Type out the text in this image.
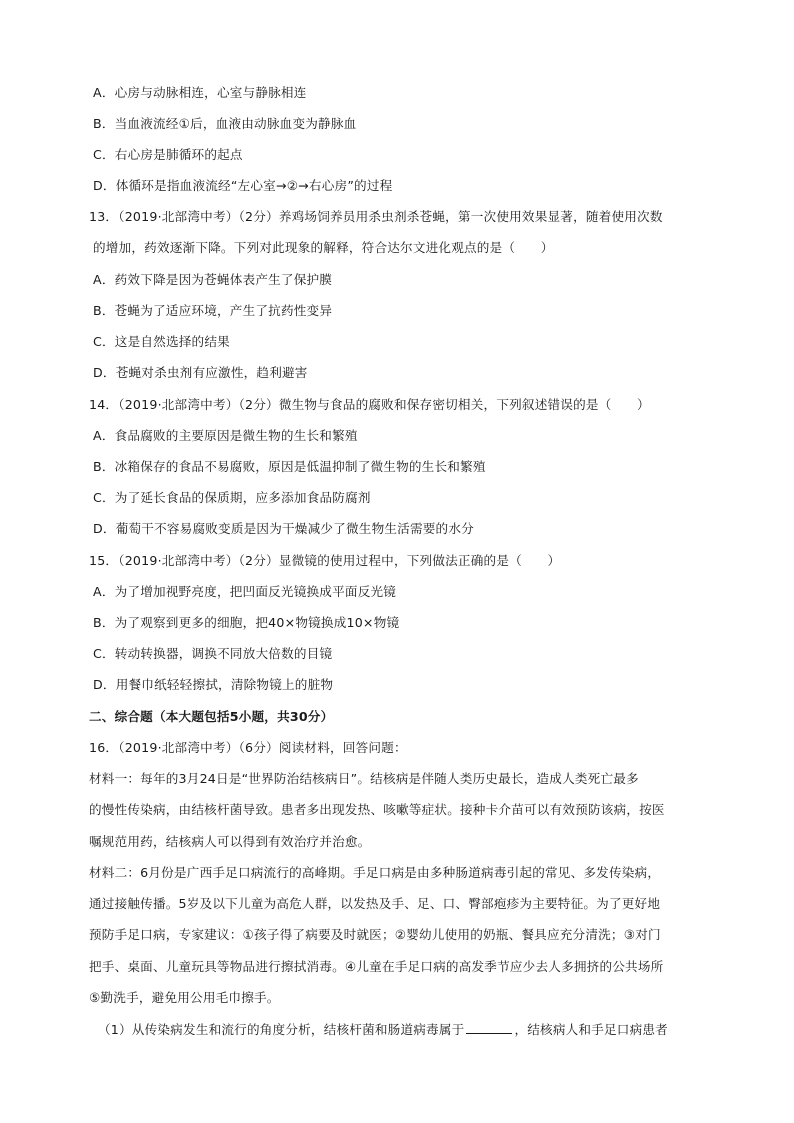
A．心房与动脉相连，心室与静脉相连
B．当血液流经①后，血液由动脉血变为静脉血
C．右心房是肺循环的起点
D．体循环是指血液流经“左心室→②→右心房”的过程
13．（2019·北部湾中考）（2分）养鸡场饲养员用杀虫剂杀苍蝇，第一次使用效果显著，随着使用次数
的增加，药效逐渐下降。下列对此现象的解释，符合达尔文进化观点的是（　　）
A．药效下降是因为苍蝇体表产生了保护膜
B．苍蝇为了适应环境，产生了抗药性变异
C．这是自然选择的结果
D．苍蝇对杀虫剂有应激性，趋利避害
14．（2019·北部湾中考）（2分）微生物与食品的腐败和保存密切相关，下列叙述错误的是（　　）
A．食品腐败的主要原因是微生物的生长和繁殖
B．冰箱保存的食品不易腐败，原因是低温抑制了微生物的生长和繁殖
C．为了延长食品的保质期，应多添加食品防腐剂
D．葡萄干不容易腐败变质是因为干燥减少了微生物生活需要的水分
15．（2019·北部湾中考）（2分）显微镜的使用过程中，下列做法正确的是（　　）
A．为了增加视野亮度，把凹面反光镜换成平面反光镜
B．为了观察到更多的细胞，把40×物镜换成10×物镜
C．转动转换器，调换不同放大倍数的目镜
D．用餐巾纸轻轻擦拭，清除物镜上的脏物
二、综合题（本大题包括5小题，共30分）
16．（2019·北部湾中考）（6分）阅读材料，回答问题：
材料一：每年的3月24日是“世界防治结核病日”。结核病是伴随人类历史最长，造成人类死亡最多
的慢性传染病，由结核杆菌导致。患者多出现发热、咳嗽等症状。接种卡介苗可以有效预防该病，按医
嘱规范用药，结核病人可以得到有效治疗并治愈。
材料二：6月份是广西手足口病流行的高峰期。手足口病是由多种肠道病毒引起的常见、多发传染病，
通过接触传播。5岁及以下儿童为高危人群，以发热及手、足、口、臀部疱疹为主要特征。为了更好地
预防手足口病，专家建议：①孩子得了病要及时就医；②婴幼儿使用的奶瓶、餐具应充分清洗；③对门
把手、桌面、儿童玩具等物品进行擦拭消毒。④儿童在手足口病的高发季节应少去人多拥挤的公共场所
⑤勤洗手，避免用公用毛巾擦手。
（1）从传染病发生和流行的角度分析，结核杆菌和肠道病毒属于	，结核病人和手足口病患者
